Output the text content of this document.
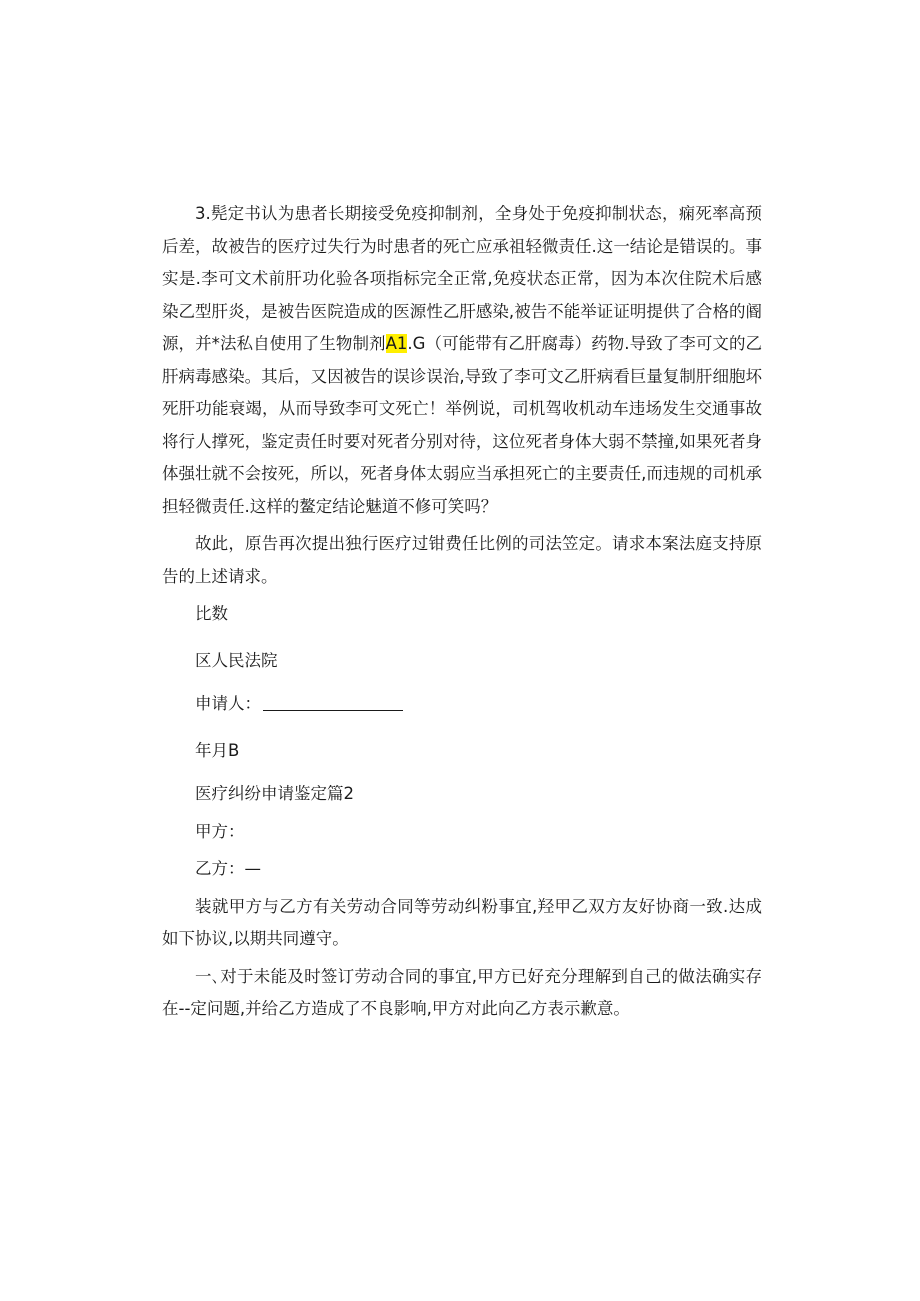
3.髡定书认为患者长期接受免疫抑制剂，全身处于免疫抑制状态，痫死率高预后差，故被告的医疗过失行为时患者的死亡应承祖轻微责任.这一结论是错误的。事实是.李可文术前肝功化验各项指标完全正常,免疫状态正常，因为本次住院术后感染乙型肝炎，是被告医院造成的医源性乙肝感染,被告不能举证证明提供了合格的阍源，并*法私自使用了生物制剂A1.G（可能带有乙肝腐毒）药物.导致了李可文的乙肝病毒感染。其后，又因被告的误诊误治,导致了李可文乙肝病看巨量复制肝细胞坏死肝功能衰竭，从而导致李可文死亡！举例说，司机驾收机动车违场发生交通事故将行人撑死，鉴定责任时要对死者分别对待，这位死者身体大弱不禁撞,如果死者身体强壮就不会按死，所以，死者身体太弱应当承担死亡的主要责任,而违规的司机承担轻微责任.这样的鳌定结论魅道不修可笑吗？

故此，原告再次提出独行医疗过钳费任比例的司法笠定。请求本案法庭支持原告的上述请求。

比数

区人民法院

申请人：

年月B

医疗纠纷申请鉴定篇2

甲方：

乙方：—

装就甲方与乙方有关劳动合同等劳动纠粉事宜,羟甲乙双方友好协商一致.达成如下协议,以期共同遵守。

一､对于未能及时签订劳动合同的事宜,甲方已好充分理解到自己的做法确实存在--定问题,并给乙方造成了不良影响,甲方对此向乙方表示歉意。
